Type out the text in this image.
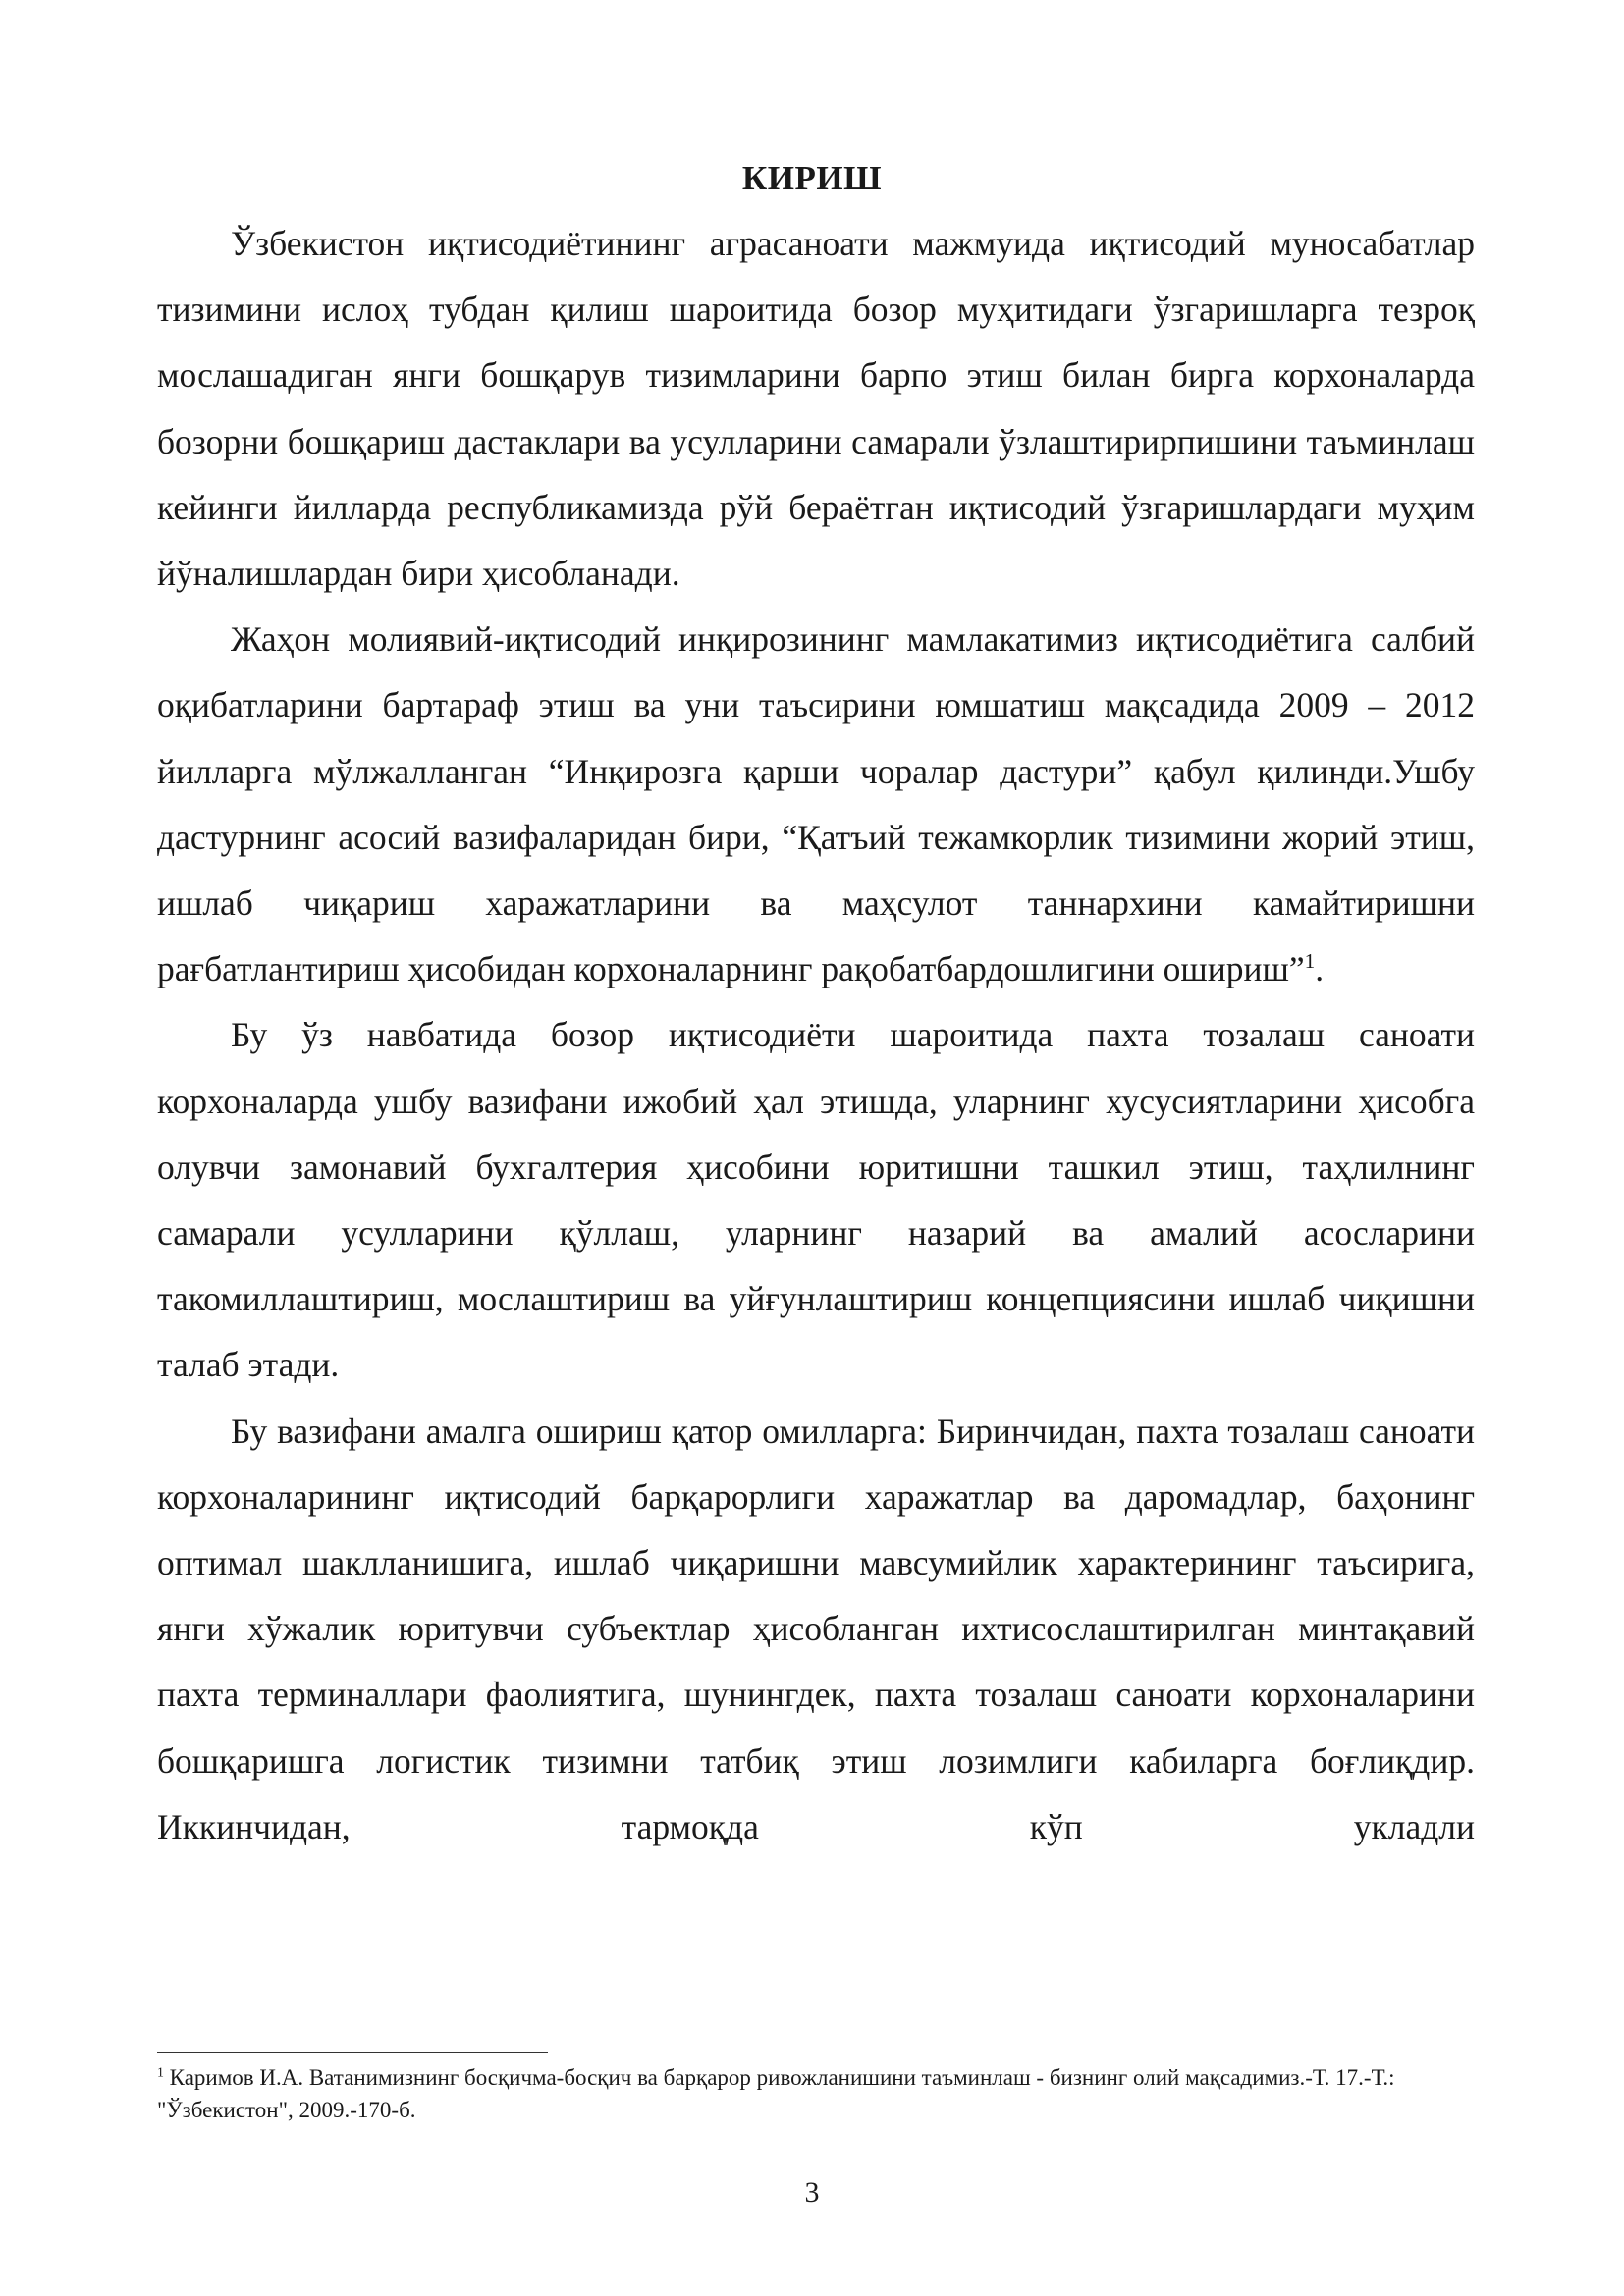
КИРИШ

Ўзбекистон иқтисодиётининг аграсаноати мажмуида иқтисодий муносабатлар тизимини ислоҳ тубдан қилиш шароитида бозор муҳитидаги ўзгаришларга тезроқ мослашадиган янги бошқарув тизимларини барпо этиш билан бирга корхоналарда бозорни бошқариш дастаклари ва усулларини самарали ўзлаштирирпишини таъминлаш кейинги йилларда республикамизда рўй бераётган иқтисодий ўзгаришлардаги муҳим йўналишлардан бири ҳисобланади.

Жаҳон молиявий-иқтисодий инқирозининг мамлакатимиз иқтисодиётига салбий оқибатларини бартараф этиш ва уни таъсирини юмшатиш мақсадида 2009 – 2012 йилларга мўлжалланган “Инқирозга қарши чоралар дастури” қабул қилинди.Ушбу дастурнинг асосий вазифаларидан бири, “Қатъий тежамкорлик тизимини жорий этиш, ишлаб чиқариш харажатларини ва маҳсулот таннархини камайтиришни рағбатлантириш ҳисобидан корхоналарнинг рақобатбардошлигини ошириш”$^1$.

Бу ўз навбатида бозор иқтисодиёти шароитида пахта тозалаш саноати корхоналарда ушбу вазифани ижобий ҳал этишда, уларнинг хусусиятларини ҳисобга олувчи замонавий бухгалтерия ҳисобини юритишни ташкил этиш, таҳлилнинг самарали усулларини қўллаш, уларнинг назарий ва амалий асосларини такомиллаштириш, мослаштириш ва уйғунлаштириш концепциясини ишлаб чиқишни талаб этади.

Бу вазифани амалга ошириш қатор омилларга: Биринчидан, пахта тозалаш саноати корхоналарининг иқтисодий барқарорлиги харажатлар ва даромадлар, баҳонинг оптимал шаклланишига, ишлаб чиқаришни мавсумийлик характерининг таъсирига, янги хўжалик юритувчи субъектлар ҳисобланган ихтисослаштирилган минтақавий пахта терминаллари фаолиятига, шунингдек, пахта тозалаш саноати корхоналарини бошқаришга логистик тизимни татбиқ этиш лозимлиги кабиларга боғлиқдир. Иккинчидан, тармоқда кўп укладли

$^1$ Каримов И.А. Ватанимизнинг босқичма-босқич ва барқарор ривожланишини таъминлаш - бизнинг олий мақсадимиз.-Т. 17.-Т.: "Ўзбекистон", 2009.-170-б.

3
